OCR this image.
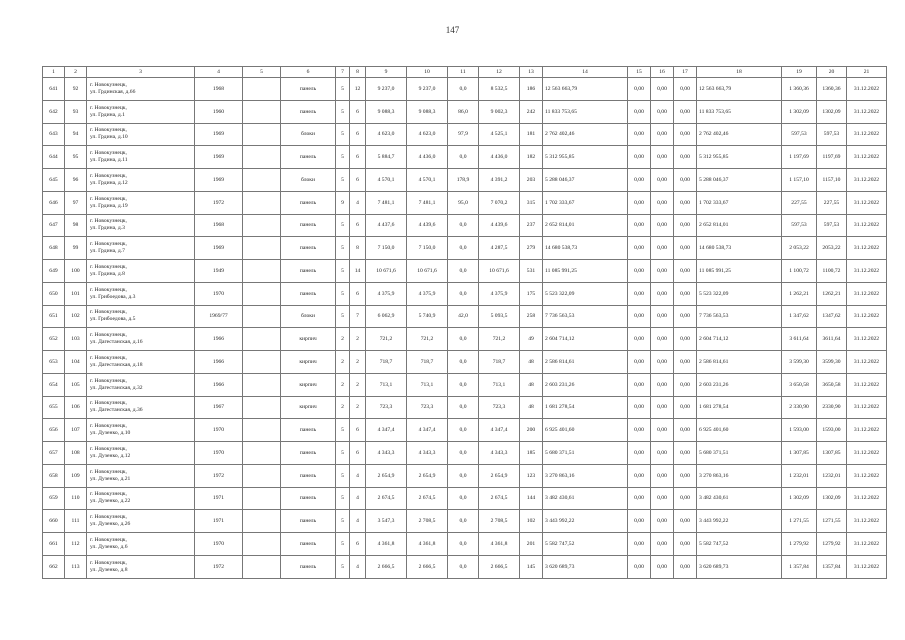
147
1	2	3	4	5	6	7	8	9	10	11	12	13	14	15	16	17	18	19	20	21
641	92	г. Новокузнецк,
ул. Грдинская, д.66	1968		панель	5	12	9 237,0	9 237,0	0,0	8 532,5	186	12 563 663,79	0,00	0,00	0,00	12 563 663,79	1 360,36	1360,36	31.12.2022
642	93	г. Новокузнецк,
ул. Грдина, д.1	1960		панель	5	6	9 088,3	9 088,3	86,0	9 002,3	242	11 833 753,65	0,00	0,00	0,00	11 833 753,65	1 302,09	1302,09	31.12.2022
643	94	г. Новокузнецк,
ул. Грдина, д.10	1969		блоки	5	6	4 623,0	4 623,0	97,9	4 525,1	181	2 762 402,46	0,00	0,00	0,00	2 762 402,46	597,53	597,53	31.12.2022
644	95	г. Новокузнецк,
ул. Грдина, д.11	1969		панель	5	6	5 884,7	4 436,0	0,0	4 436,0	182	5 312 955,85	0,00	0,00	0,00	5 312 955,85	1 197,69	1197,69	31.12.2022
645	96	г. Новокузнецк,
ул. Грдина, д.12	1969		блоки	5	6	4 570,1	4 570,1	178,9	4 391,2	203	5 288 046,37	0,00	0,00	0,00	5 288 046,37	1 157,10	1157,10	31.12.2022
646	97	г. Новокузнецк,
ул. Грдина, д.19	1972		панель	9	4	7 481,1	7 481,1	95,0	7 070,2	315	1 702 333,67	0,00	0,00	0,00	1 702 333,67	227,55	227,55	31.12.2022
647	98	г. Новокузнецк,
ул. Грдина, д.3	1968		панель	5	6	4 437,6	4 439,6	0,0	4 439,6	237	2 652 814,01	0,00	0,00	0,00	2 652 814,01	597,53	597,53	31.12.2022
648	99	г. Новокузнецк,
ул. Грдина, д.7	1969		панель	5	8	7 150,0	7 150,0	0,0	4 287,5	279	14 680 538,73	0,00	0,00	0,00	14 680 538,73	2 053,22	2053,22	31.12.2022
649	100	г. Новокузнецк,
ул. Грдина, д.8	1949		панель	5	14	10 671,6	10 671,6	0,0	10 671,6	531	11 085 991,25	0,00	0,00	0,00	11 085 991,25	1 100,72	1100,72	31.12.2022
650	101	г. Новокузнецк,
ул. Грибоедова, д.3	1970		панель	5	6	4 375,9	4 375,9	0,0	4 375,9	175	5 523 322,09	0,00	0,00	0,00	5 523 322,09	1 262,21	1262,21	31.12.2022
651	102	г. Новокузнецк,
ул. Грибоедова, д.5	1969/77		блоки	5	7	6 062,9	5 740,9	42,0	5 093,5	258	7 736 563,53	0,00	0,00	0,00	7 736 563,53	1 347,62	1347,62	31.12.2022
652	103	г. Новокузнецк,
ул. Дагестанская, д.16	1966		кирпич	2	2	721,2	721,2	0,0	721,2	49	2 604 714,12	0,00	0,00	0,00	2 604 714,12	3 611,64	3611,64	31.12.2022
653	104	г. Новокузнецк,
ул. Дагестанская, д.18	1966		кирпич	2	2	718,7	718,7	0,0	718,7	48	2 586 814,61	0,00	0,00	0,00	2 586 814,61	3 599,30	3599,30	31.12.2022
654	105	г. Новокузнецк,
ул. Дагестанская, д.32	1966		кирпич	2	2	713,1	713,1	0,0	713,1	48	2 603 231,26	0,00	0,00	0,00	2 603 231,26	3 650,58	3650,58	31.12.2022
655	106	г. Новокузнецк,
ул. Дагестанская, д.36	1967		кирпич	2	2	723,3	723,3	0,0	723,3	48	1 681 278,54	0,00	0,00	0,00	1 681 278,54	2 330,90	2330,90	31.12.2022
656	107	г. Новокузнецк,
ул. Дузенко, д.10	1970		панель	5	6	4 347,4	4 347,4	0,0	4 347,4	200	6 925 401,60	0,00	0,00	0,00	6 925 401,60	1 593,00	1593,00	31.12.2022
657	108	г. Новокузнецк,
ул. Дузенко, д.12	1970		панель	5	6	4 343,3	4 343,3	0,0	4 343,3	185	5 680 371,51	0,00	0,00	0,00	5 680 371,51	1 307,85	1307,85	31.12.2022
658	109	г. Новокузнецк,
ул. Дузенко, д.21	1972		панель	5	4	2 654,9	2 654,9	0,0	2 654,9	123	3 270 863,16	0,00	0,00	0,00	3 270 863,16	1 232,01	1232,01	31.12.2022
659	110	г. Новокузнецк,
ул. Дузенко, д.22	1971		панель	5	4	2 674,5	2 674,5	0,0	2 674,5	144	3 482 430,61	0,00	0,00	0,00	3 482 430,61	1 302,09	1302,09	31.12.2022
660	111	г. Новокузнецк,
ул. Дузенко, д.26	1971		панель	5	4	3 547,3	2 708,5	0,0	2 708,5	102	3 443 992,22	0,00	0,00	0,00	3 443 992,22	1 271,55	1271,55	31.12.2022
661	112	г. Новокузнецк,
ул. Дузенко, д.6	1970		панель	5	6	4 361,8	4 361,8	0,0	4 361,8	201	5 582 747,52	0,00	0,00	0,00	5 582 747,52	1 279,92	1279,92	31.12.2022
662	113	г. Новокузнецк,
ул. Дузенко, д.8	1972		панель	5	4	2 666,5	2 666,5	0,0	2 666,5	145	3 620 689,73	0,00	0,00	0,00	3 620 689,73	1 357,84	1357,84	31.12.2022
